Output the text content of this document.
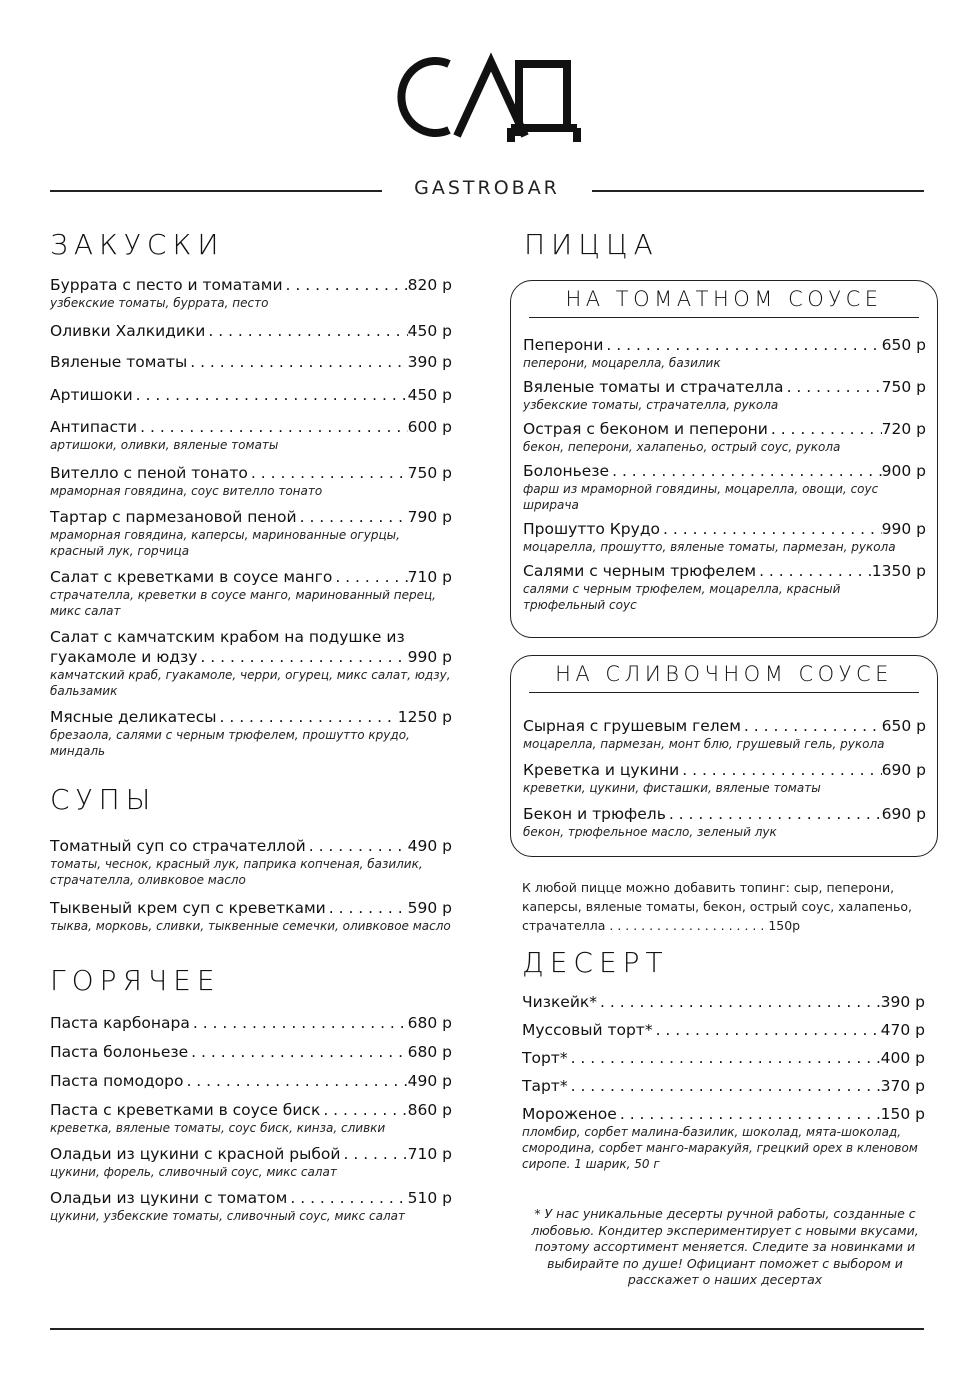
GASTROBAR
ЗАКУСКИ
Буррата с песто и томатами . . .	820 р
узбекские томаты, буррата, песто
Оливки Халкидики . . .	450 р
Вяленые томаты . . .	390 р
Артишоки . . .	450 р
Антипасти . . .	600 р
артишоки, оливки, вяленые томаты
Вителло с пеной тонато . . .	750 р
мраморная говядина, соус вителло тонато
Тартар с пармезановой пеной . . .	790 р
мраморная говядина, каперсы, маринованные огурцы, красный лук, горчица
Салат с креветками в соусе манго . . .	710 р
страчателла, креветки в соусе манго, маринованный перец, микс салат
Салат с камчатским крабом на подушке из
гуакамоле и юдзу . . .	990 р
камчатский краб, гуакамоле, черри, огурец, микс салат, юдзу, бальзамик
Мясные деликатесы . . .	1250 р
брезаола, салями с черным трюфелем, прошутто крудо, миндаль
СУПЫ
Томатный суп со страчателлой . . .	490 р
томаты, чеснок, красный лук, паприка копченая, базилик, страчателла, оливковое масло
Тыквеный крем суп с креветками . . .	590 р
тыква, морковь, сливки, тыквенные семечки, оливковое масло
ГОРЯЧЕЕ
Паста карбонара . . .	680 р
Паста болоньезе . . .	680 р
Паста помодоро . . .	490 р
Паста с креветками в соусе биск . . .	860 р
креветка, вяленые томаты, соус биск, кинза, сливки
Оладьи из цукини с красной рыбой . . .	710 р
цукини, форель, сливочный соус, микс салат
Оладьи из цукини с томатом . . .	510 р
цукини, узбекские томаты, сливочный соус, микс салат
ПИЦЦА
НА ТОМАТНОМ СОУСЕ
Пеперони . . .	650 р
пеперони, моцарелла, базилик
Вяленые томаты и страчателла . . .	750 р
узбекские томаты, страчателла, рукола
Острая с беконом и пеперони . . .	720 р
бекон, пеперони, халапеньо, острый соус, рукола
Болоньезе . . .	900 р
фарш из мраморной говядины, моцарелла, овощи, соус шрирача
Прошутто Крудо . . .	990 р
моцарелла, прошутто, вяленые томаты, пармезан, рукола
Салями с черным трюфелем . . .	1350 р
салями с черным трюфелем, моцарелла, красный трюфельный соус
НА СЛИВОЧНОМ СОУСЕ
Сырная с грушевым гелем . . .	650 р
моцарелла, пармезан, монт блю, грушевый гель, рукола
Креветка и цукини . . .	690 р
креветки, цукини, фисташки, вяленые томаты
Бекон и трюфель . . .	690 р
бекон, трюфельное масло, зеленый лук
К любой пицце можно добавить топинг: сыр, пеперони, каперсы, вяленые томаты, бекон, острый соус, халапеньо, страчателла . . . . . . . . . . . . . . . . . . . . 150р
ДЕСЕРТ
Чизкейк* . . .	390 р
Муссовый торт* . . .	470 р
Торт* . . .	400 р
Тарт* . . .	370 р
Мороженое . . .	150 р
пломбир, сорбет малина-базилик, шоколад, мята-шоколад, смородина, сорбет манго-маракуйя, грецкий орех в кленовом сиропе. 1 шарик, 50 г
* У нас уникальные десерты ручной работы, созданные с любовью. Кондитер экспериментирует с новыми вкусами, поэтому ассортимент меняется. Следите за новинками и выбирайте по душе! Официант поможет с выбором и расскажет о наших десертах
